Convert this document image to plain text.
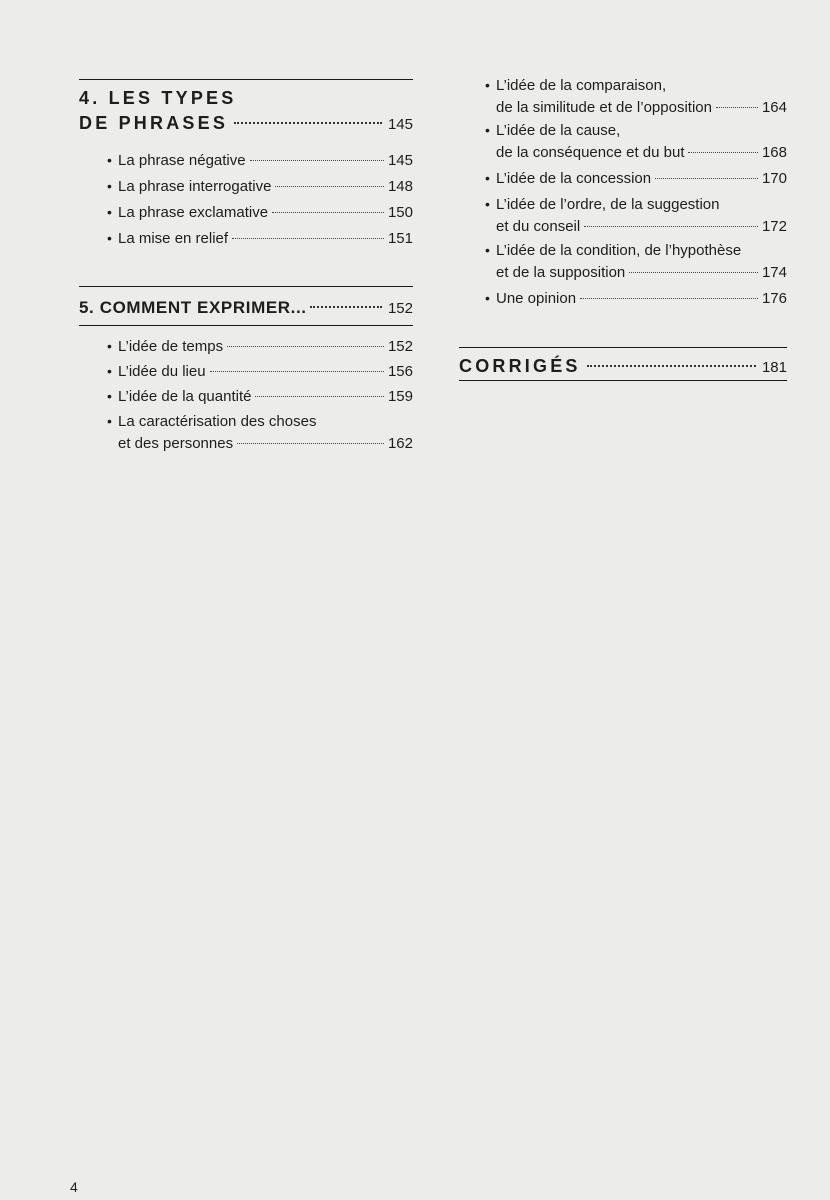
4. LES TYPES
DE PHRASES	145
• La phrase négative	145
• La phrase interrogative	148
• La phrase exclamative	150
• La mise en relief	151
5. COMMENT EXPRIMER...	152
• L’idée de temps	152
• L’idée du lieu	156
• L’idée de la quantité	159
• La caractérisation des choses
et des personnes	162
• L’idée de la comparaison,
de la similitude et de l’opposition	164
• L’idée de la cause,
de la conséquence et du but	168
• L’idée de la concession	170
• L’idée de l’ordre, de la suggestion
et du conseil	172
• L’idée de la condition, de l’hypothèse
et de la supposition	174
• Une opinion	176
CORRIGÉS	181
4
